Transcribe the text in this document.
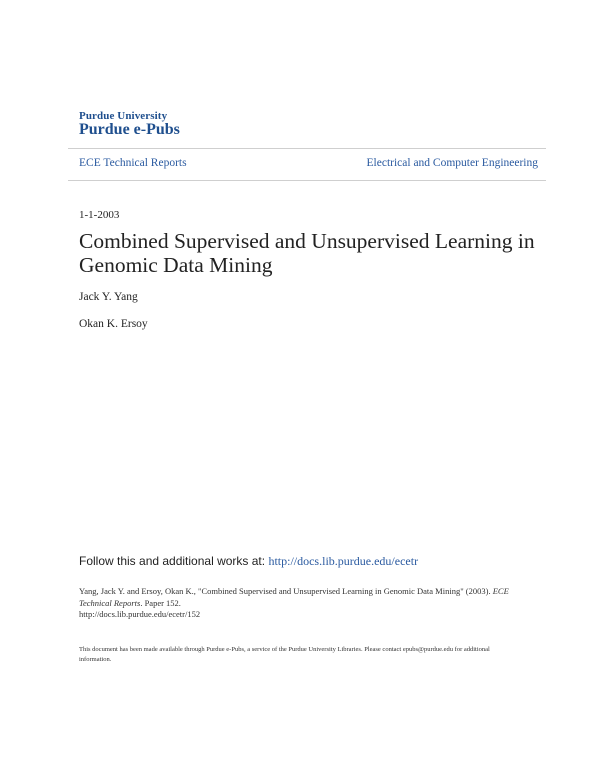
Purdue University
Purdue e-Pubs
ECE Technical Reports	Electrical and Computer Engineering
1-1-2003
Combined Supervised and Unsupervised Learning in Genomic Data Mining
Jack Y. Yang
Okan K. Ersoy
Follow this and additional works at: http://docs.lib.purdue.edu/ecetr
Yang, Jack Y. and Ersoy, Okan K., "Combined Supervised and Unsupervised Learning in Genomic Data Mining" (2003). ECE Technical Reports. Paper 152.
http://docs.lib.purdue.edu/ecetr/152
This document has been made available through Purdue e-Pubs, a service of the Purdue University Libraries. Please contact epubs@purdue.edu for additional information.
